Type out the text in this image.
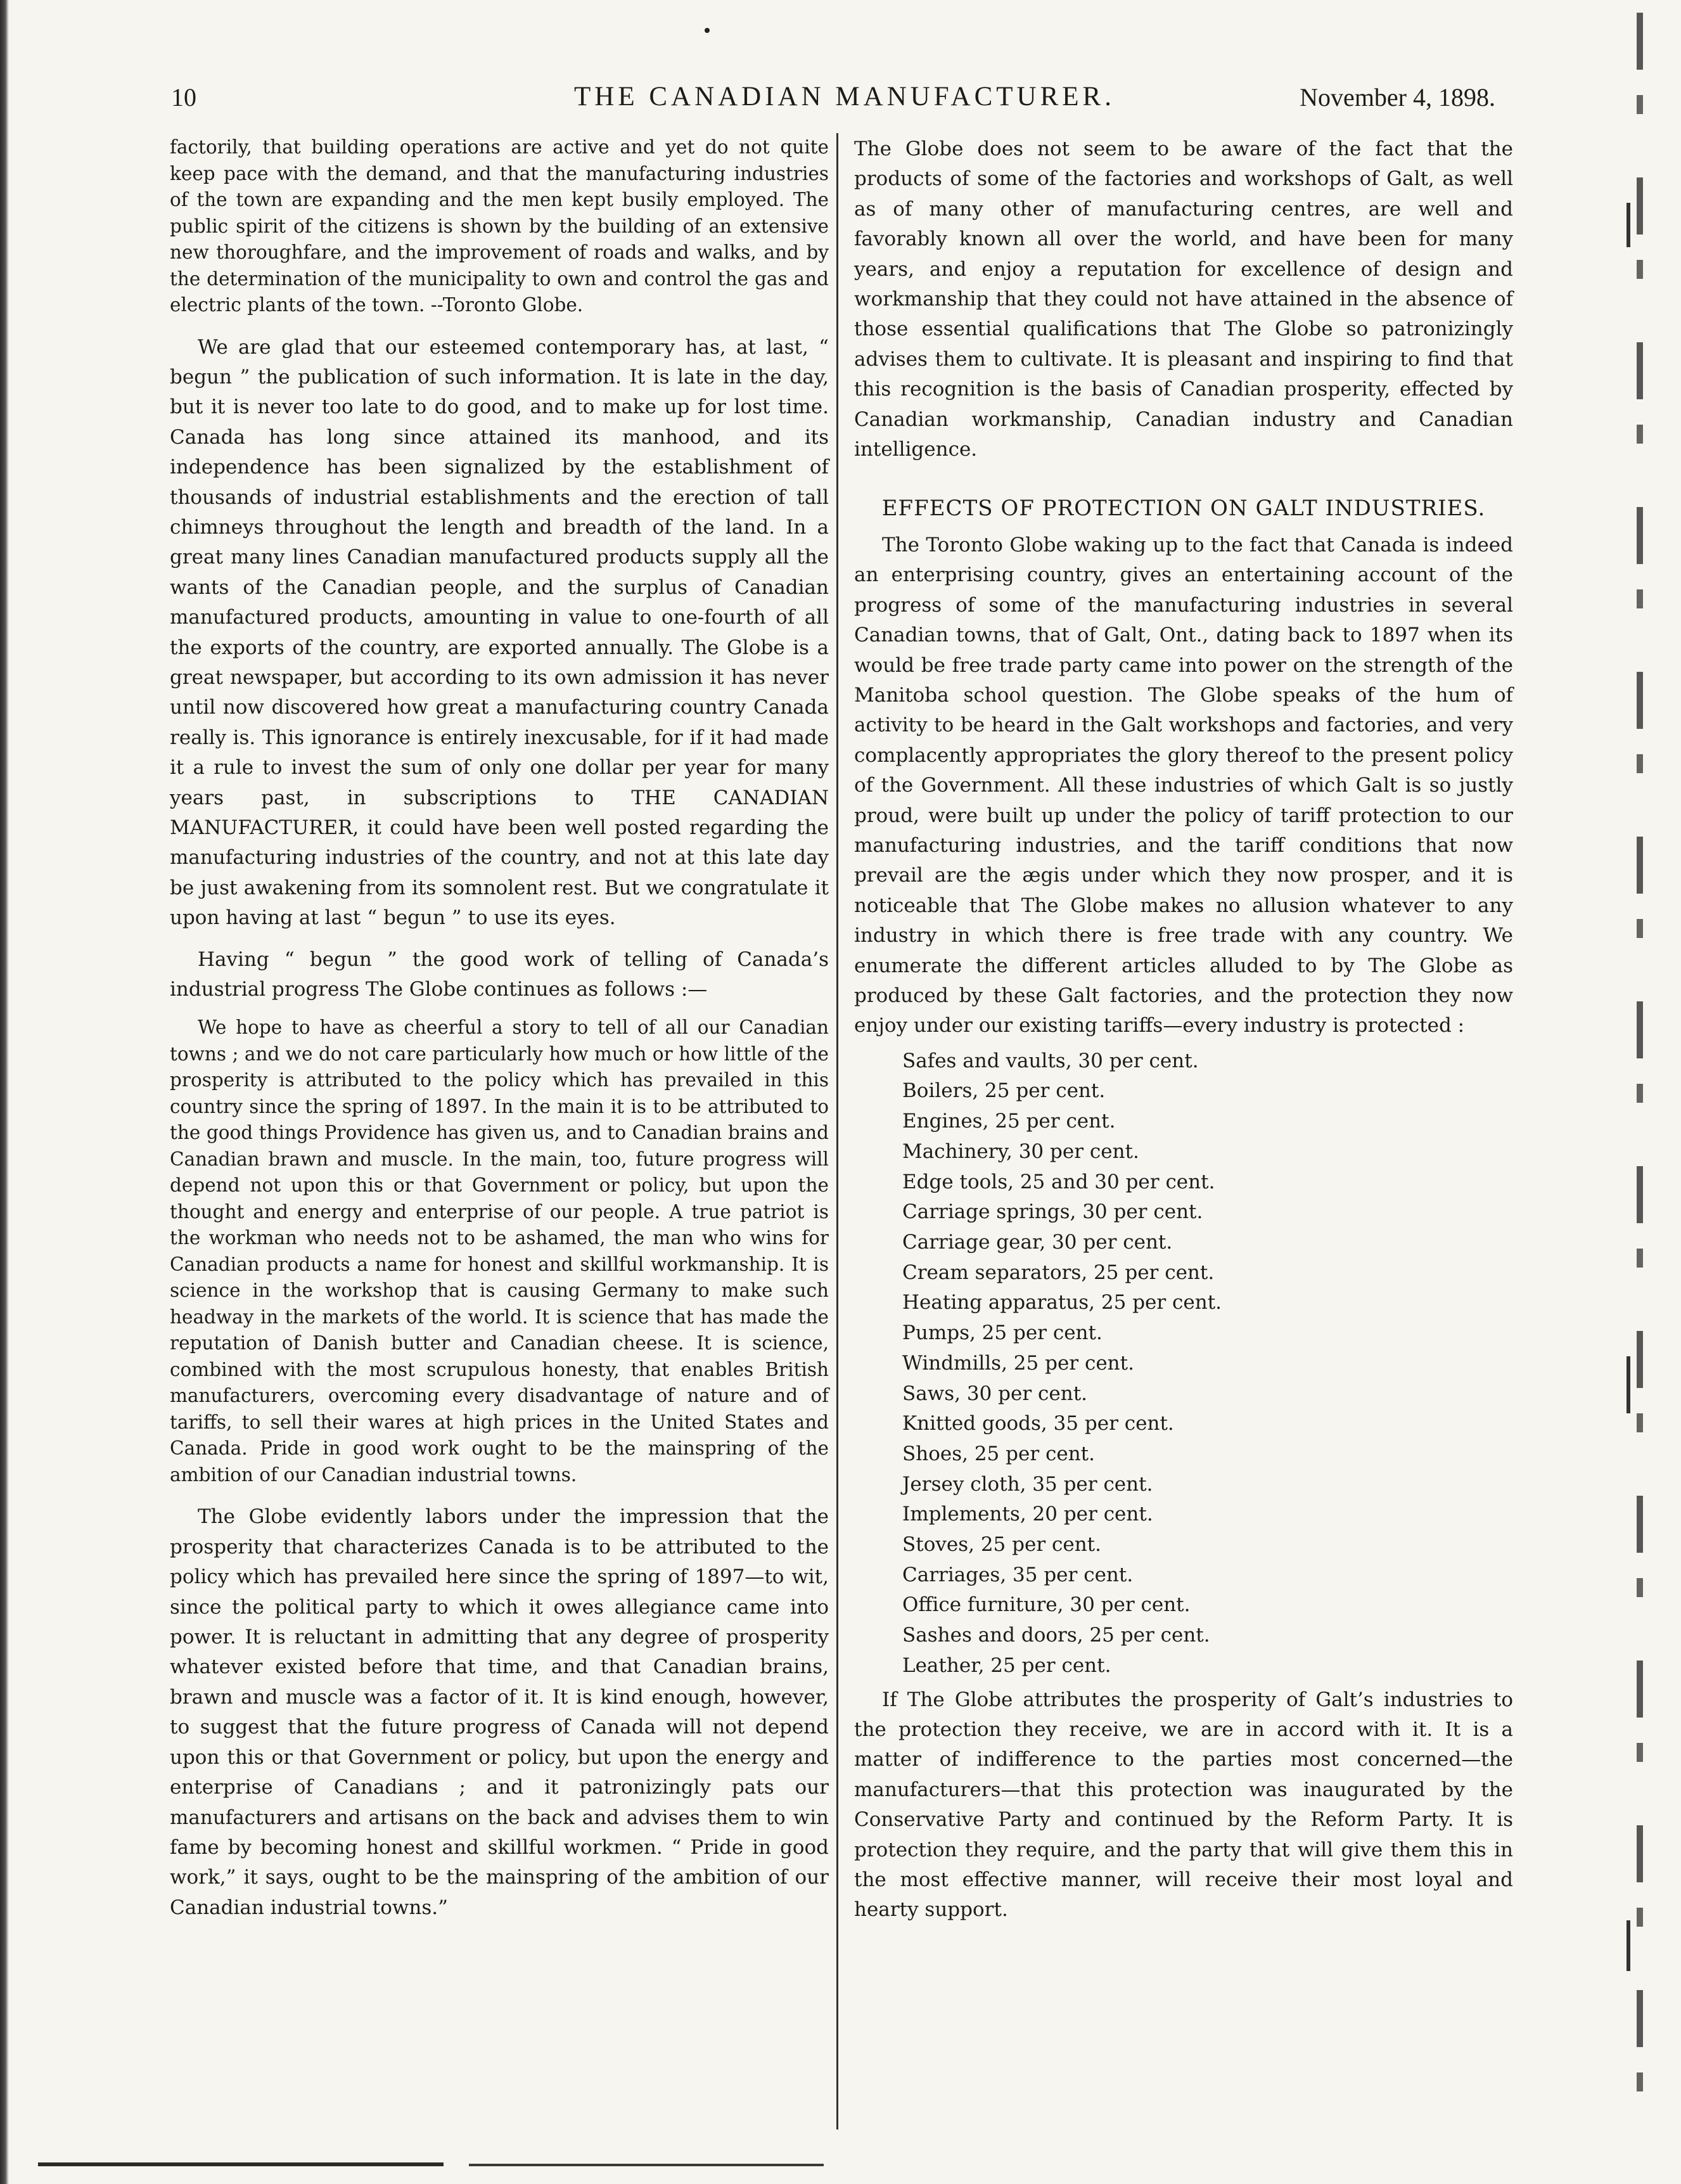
10	THE CANADIAN MANUFACTURER.	November 4, 1898.

factorily, that building operations are active and yet do not quite keep pace with the demand, and that the manufacturing industries of the town are expanding and the men kept busily employed. The public spirit of the citizens is shown by the building of an extensive new thoroughfare, and the improvement of roads and walks, and by the determination of the municipality to own and control the gas and electric plants of the town. --Toronto Globe.

We are glad that our esteemed contemporary has, at last, “ begun ” the publication of such information. It is late in the day, but it is never too late to do good, and to make up for lost time. Canada has long since attained its manhood, and its independence has been signalized by the establishment of thousands of industrial establishments and the erection of tall chimneys throughout the length and breadth of the land. In a great many lines Canadian manufactured products supply all the wants of the Canadian people, and the surplus of Canadian manufactured products, amounting in value to one-fourth of all the exports of the country, are exported annually. The Globe is a great newspaper, but according to its own admission it has never until now discovered how great a manufacturing country Canada really is. This ignorance is entirely inexcusable, for if it had made it a rule to invest the sum of only one dollar per year for many years past, in subscriptions to THE CANADIAN MANUFACTURER, it could have been well posted regarding the manufacturing industries of the country, and not at this late day be just awakening from its somnolent rest. But we congratulate it upon having at last “ begun ” to use its eyes.

Having “ begun ” the good work of telling of Canada’s industrial progress The Globe continues as follows :—

We hope to have as cheerful a story to tell of all our Canadian towns ; and we do not care particularly how much or how little of the prosperity is attributed to the policy which has prevailed in this country since the spring of 1897. In the main it is to be attributed to the good things Providence has given us, and to Canadian brains and Canadian brawn and muscle. In the main, too, future progress will depend not upon this or that Government or policy, but upon the thought and energy and enterprise of our people. A true patriot is the workman who needs not to be ashamed, the man who wins for Canadian products a name for honest and skillful workmanship. It is science in the workshop that is causing Germany to make such headway in the markets of the world. It is science that has made the reputation of Danish butter and Canadian cheese. It is science, combined with the most scrupulous honesty, that enables British manufacturers, overcoming every disadvantage of nature and of tariffs, to sell their wares at high prices in the United States and Canada. Pride in good work ought to be the mainspring of the ambition of our Canadian industrial towns.

The Globe evidently labors under the impression that the prosperity that characterizes Canada is to be attributed to the policy which has prevailed here since the spring of 1897—to wit, since the political party to which it owes allegiance came into power. It is reluctant in admitting that any degree of prosperity whatever existed before that time, and that Canadian brains, brawn and muscle was a factor of it. It is kind enough, however, to suggest that the future progress of Canada will not depend upon this or that Government or policy, but upon the energy and enterprise of Canadians ; and it patronizingly pats our manufacturers and artisans on the back and advises them to win fame by becoming honest and skillful workmen. “ Pride in good work,” it says, ought to be the mainspring of the ambition of our Canadian industrial towns.”

The Globe does not seem to be aware of the fact that the products of some of the factories and workshops of Galt, as well as of many other of manufacturing centres, are well and favorably known all over the world, and have been for many years, and enjoy a reputation for excellence of design and workmanship that they could not have attained in the absence of those essential qualifications that The Globe so patronizingly advises them to cultivate. It is pleasant and inspiring to find that this recognition is the basis of Canadian prosperity, effected by Canadian workmanship, Canadian industry and Canadian intelligence.

EFFECTS OF PROTECTION ON GALT INDUSTRIES.

The Toronto Globe waking up to the fact that Canada is indeed an enterprising country, gives an entertaining account of the progress of some of the manufacturing industries in several Canadian towns, that of Galt, Ont., dating back to 1897 when its would be free trade party came into power on the strength of the Manitoba school question. The Globe speaks of the hum of activity to be heard in the Galt workshops and factories, and very complacently appropriates the glory thereof to the present policy of the Government. All these industries of which Galt is so justly proud, were built up under the policy of tariff protection to our manufacturing industries, and the tariff conditions that now prevail are the ægis under which they now prosper, and it is noticeable that The Globe makes no allusion whatever to any industry in which there is free trade with any country. We enumerate the different articles alluded to by The Globe as produced by these Galt factories, and the protection they now enjoy under our existing tariffs—every industry is protected :

Safes and vaults, 30 per cent.
Boilers, 25 per cent.
Engines, 25 per cent.
Machinery, 30 per cent.
Edge tools, 25 and 30 per cent.
Carriage springs, 30 per cent.
Carriage gear, 30 per cent.
Cream separators, 25 per cent.
Heating apparatus, 25 per cent.
Pumps, 25 per cent.
Windmills, 25 per cent.
Saws, 30 per cent.
Knitted goods, 35 per cent.
Shoes, 25 per cent.
Jersey cloth, 35 per cent.
Implements, 20 per cent.
Stoves, 25 per cent.
Carriages, 35 per cent.
Office furniture, 30 per cent.
Sashes and doors, 25 per cent.
Leather, 25 per cent.

If The Globe attributes the prosperity of Galt’s industries to the protection they receive, we are in accord with it. It is a matter of indifference to the parties most concerned—the manufacturers—that this protection was inaugurated by the Conservative Party and continued by the Reform Party. It is protection they require, and the party that will give them this in the most effective manner, will receive their most loyal and hearty support.
